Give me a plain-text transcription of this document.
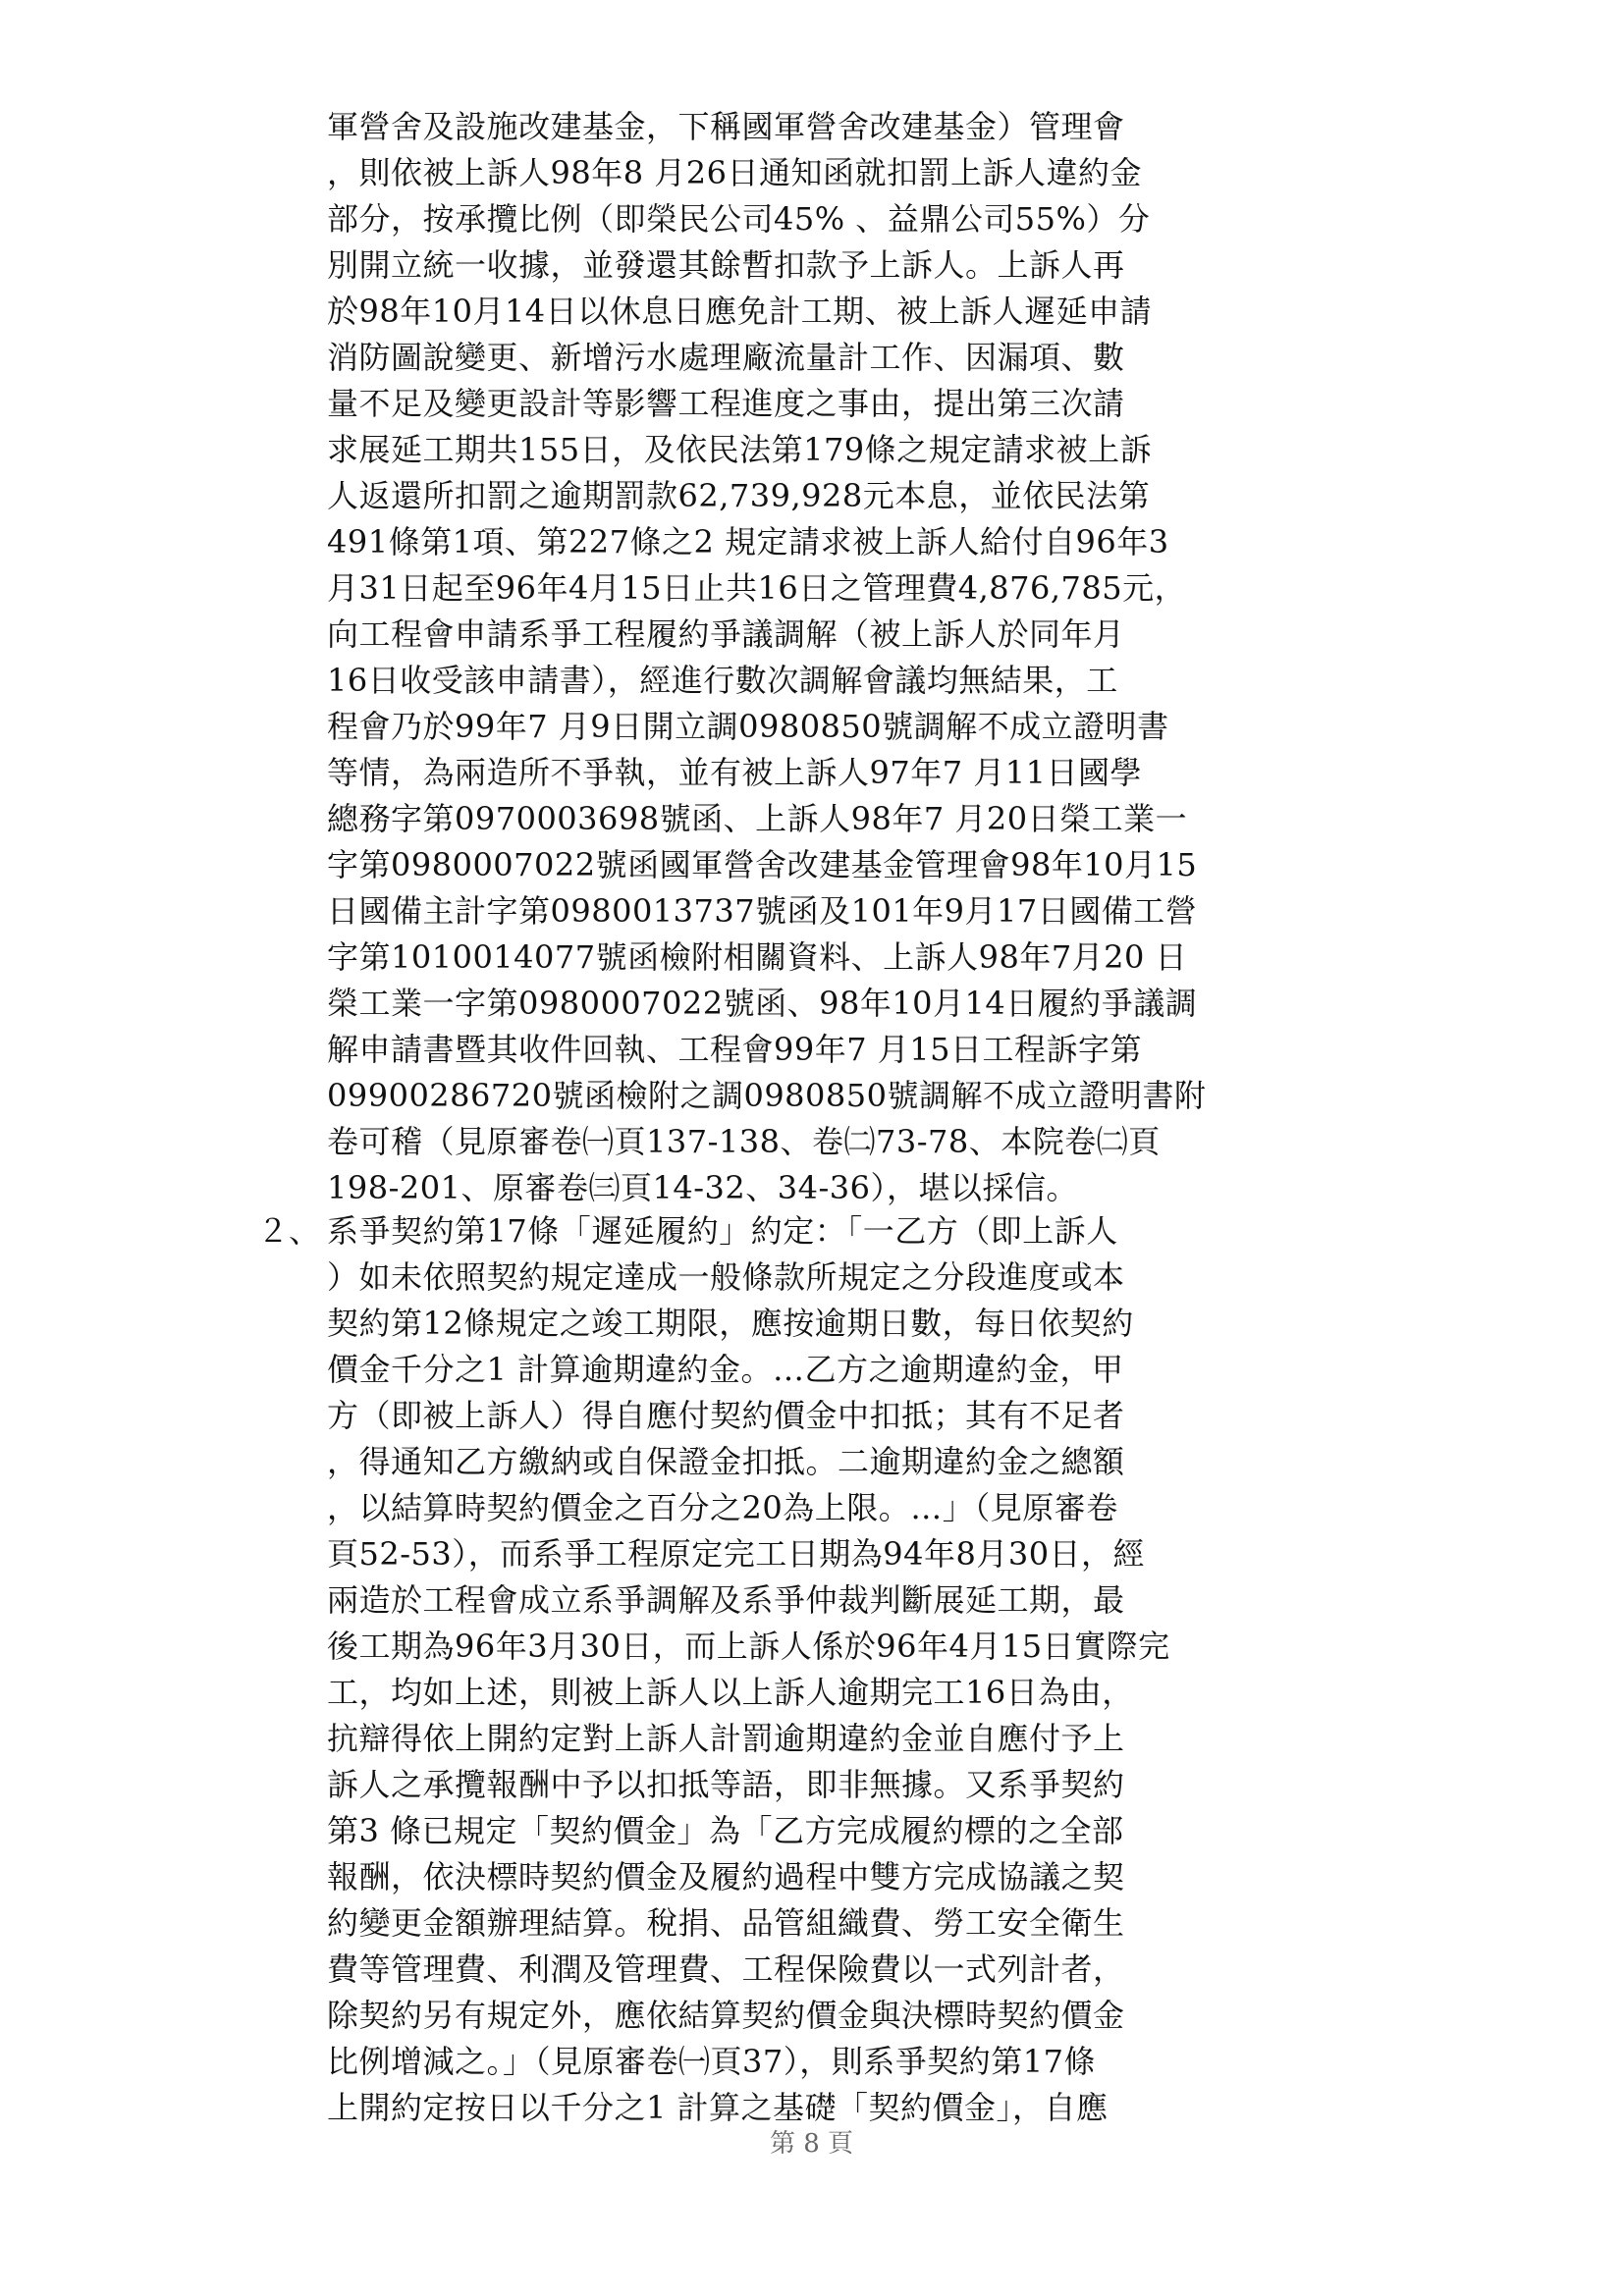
軍營舍及設施改建基金，下稱國軍營舍改建基金）管理會
，則依被上訴人98年8 月26日通知函就扣罰上訴人違約金
部分，按承攬比例（即榮民公司45% 、益鼎公司55%）分
別開立統一收據，並發還其餘暫扣款予上訴人。上訴人再
於98年10月14日以休息日應免計工期、被上訴人遲延申請
消防圖說變更、新增污水處理廠流量計工作、因漏項、數
量不足及變更設計等影響工程進度之事由，提出第三次請
求展延工期共155日，及依民法第179條之規定請求被上訴
人返還所扣罰之逾期罰款62,739,928元本息，並依民法第
491條第1項、第227條之2 規定請求被上訴人給付自96年3
月31日起至96年4月15日止共16日之管理費4,876,785元，
向工程會申請系爭工程履約爭議調解（被上訴人於同年月
16日收受該申請書），經進行數次調解會議均無結果，工
程會乃於99年7 月9日開立調0980850號調解不成立證明書
等情，為兩造所不爭執，並有被上訴人97年7 月11日國學
總務字第0970003698號函、上訴人98年7 月20日榮工業一
字第0980007022號函國軍營舍改建基金管理會98年10月15
日國備主計字第0980013737號函及101年9月17日國備工營
字第1010014077號函檢附相關資料、上訴人98年7月20 日
榮工業一字第0980007022號函、98年10月14日履約爭議調
解申請書暨其收件回執、工程會99年7 月15日工程訴字第
09900286720號函檢附之調0980850號調解不成立證明書附
卷可稽（見原審卷㈠頁137-138、卷㈡73-78、本院卷㈡頁
198-201、原審卷㈢頁14-32、34-36），堪以採信。
２、 系爭契約第17條「遲延履約」約定：「一乙方（即上訴人
）如未依照契約規定達成一般條款所規定之分段進度或本
契約第12條規定之竣工期限，應按逾期日數，每日依契約
價金千分之1 計算逾期違約金。…乙方之逾期違約金，甲
方（即被上訴人）得自應付契約價金中扣抵；其有不足者
，得通知乙方繳納或自保證金扣抵。二逾期違約金之總額
，以結算時契約價金之百分之20為上限。…」（見原審卷
頁52-53），而系爭工程原定完工日期為94年8月30日，經
兩造於工程會成立系爭調解及系爭仲裁判斷展延工期，最
後工期為96年3月30日，而上訴人係於96年4月15日實際完
工，均如上述，則被上訴人以上訴人逾期完工16日為由，
抗辯得依上開約定對上訴人計罰逾期違約金並自應付予上
訴人之承攬報酬中予以扣抵等語，即非無據。又系爭契約
第3 條已規定「契約價金」為「乙方完成履約標的之全部
報酬，依決標時契約價金及履約過程中雙方完成協議之契
約變更金額辦理結算。稅捐、品管組織費、勞工安全衛生
費等管理費、利潤及管理費、工程保險費以一式列計者，
除契約另有規定外，應依結算契約價金與決標時契約價金
比例增減之。」（見原審卷㈠頁37），則系爭契約第17條
上開約定按日以千分之1 計算之基礎「契約價金」，自應
第 8 頁
